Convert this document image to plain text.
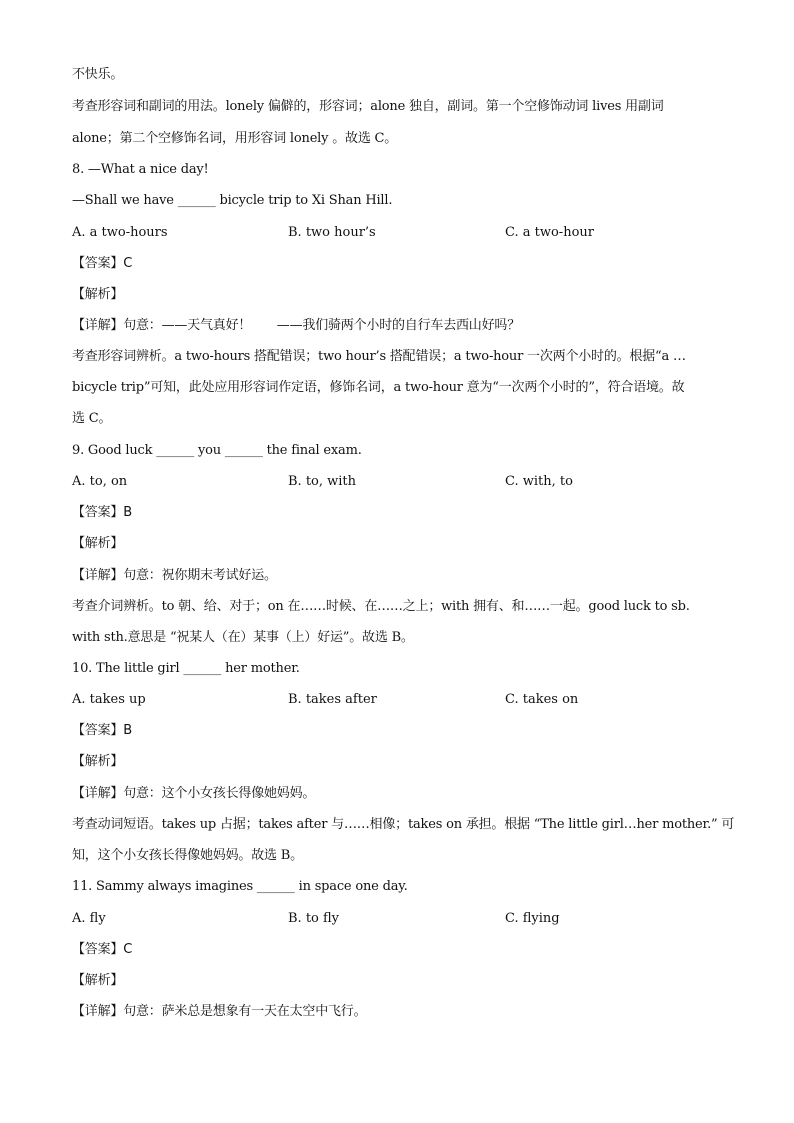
不快乐。
考查形容词和副词的用法。lonely 偏僻的，形容词；alone 独自，副词。第一个空修饰动词 lives 用副词
alone；第二个空修饰名词，用形容词 lonely 。故选 C。
8. —What a nice day!
—Shall we have ______ bicycle trip to Xi Shan Hill.
A. a two-hours	B. two hour’s	C. a two-hour
【答案】C
【解析】
【详解】句意：——天气真好！　　——我们骑两个小时的自行车去西山好吗？
考查形容词辨析。a two-hours 搭配错误；two hour’s 搭配错误；a two-hour 一次两个小时的。根据“a …
bicycle trip”可知，此处应用形容词作定语，修饰名词，a two-hour 意为“一次两个小时的”，符合语境。故
选 C。
9. Good luck ______ you ______ the final exam.
A. to, on	B. to, with	C. with, to
【答案】B
【解析】
【详解】句意：祝你期末考试好运。
考查介词辨析。to 朝、给、对于；on 在……时候、在……之上；with 拥有、和……一起。good luck to sb.
with sth.意思是 “祝某人（在）某事（上）好运”。故选 B。
10. The little girl ______ her mother.
A. takes up	B. takes after	C. takes on
【答案】B
【解析】
【详解】句意：这个小女孩长得像她妈妈。
考查动词短语。takes up 占据；takes after 与……相像；takes on 承担。根据 “The little girl…her mother.” 可
知，这个小女孩长得像她妈妈。故选 B。
11. Sammy always imagines ______ in space one day.
A. fly	B. to fly	C. flying
【答案】C
【解析】
【详解】句意：萨米总是想象有一天在太空中飞行。
